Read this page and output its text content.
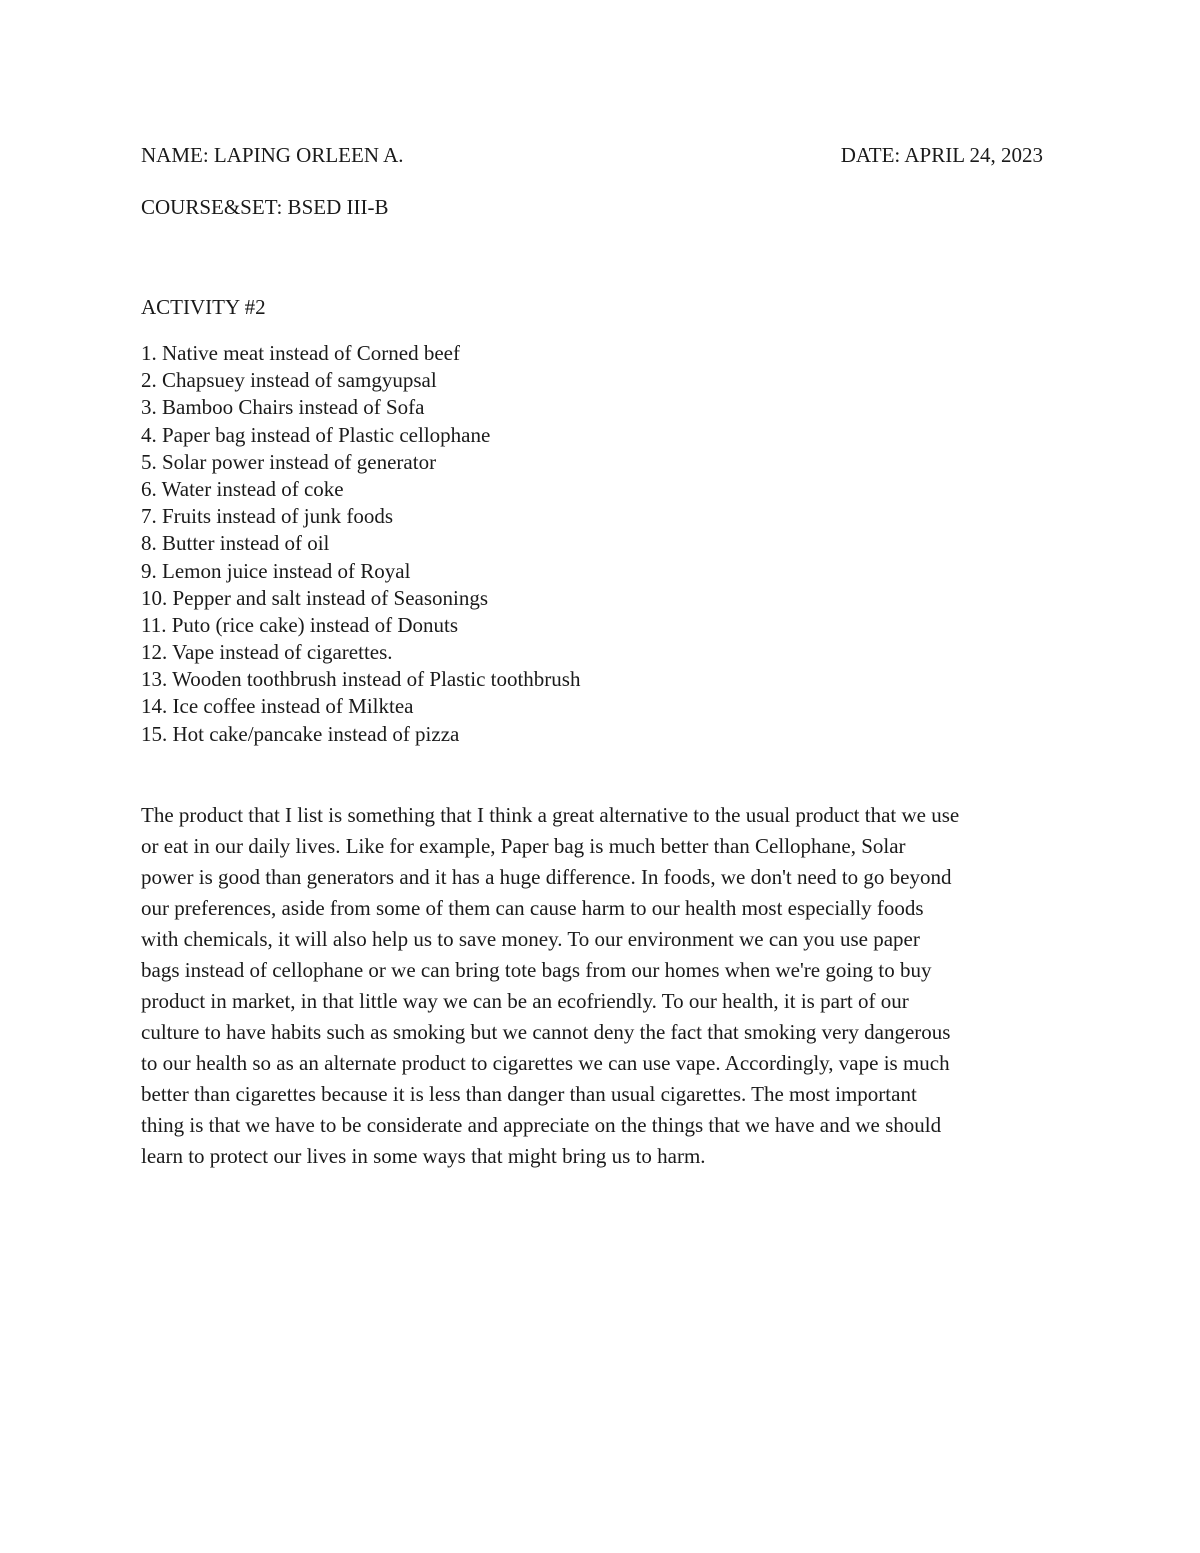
NAME: LAPING ORLEEN A.	DATE: APRIL 24, 2023
COURSE&SET: BSED III-B
ACTIVITY #2
1. Native meat instead of Corned beef
2. Chapsuey instead of samgyupsal
3. Bamboo Chairs instead of Sofa
4. Paper bag instead of Plastic cellophane
5. Solar power instead of generator
6. Water instead of coke
7. Fruits instead of junk foods
8. Butter instead of oil
9. Lemon juice instead of Royal
10. Pepper and salt instead of Seasonings
11. Puto (rice cake) instead of Donuts
12. Vape instead of cigarettes.
13. Wooden toothbrush instead of Plastic toothbrush
14. Ice coffee instead of Milktea
15. Hot cake/pancake instead of pizza
The product that I list is something that I think a great alternative to the usual product that we use
or eat in our daily lives. Like for example, Paper bag is much better than Cellophane, Solar
power is good than generators and it has a huge difference. In foods, we don't need to go beyond
our preferences, aside from some of them can cause harm to our health most especially foods
with chemicals, it will also help us to save money. To our environment we can you use paper
bags instead of cellophane or we can bring tote bags from our homes when we're going to buy
product in market, in that little way we can be an ecofriendly. To our health, it is part of our
culture to have habits such as smoking but we cannot deny the fact that smoking very dangerous
to our health so as an alternate product to cigarettes we can use vape. Accordingly, vape is much
better than cigarettes because it is less than danger than usual cigarettes. The most important
thing is that we have to be considerate and appreciate on the things that we have and we should
learn to protect our lives in some ways that might bring us to harm.
